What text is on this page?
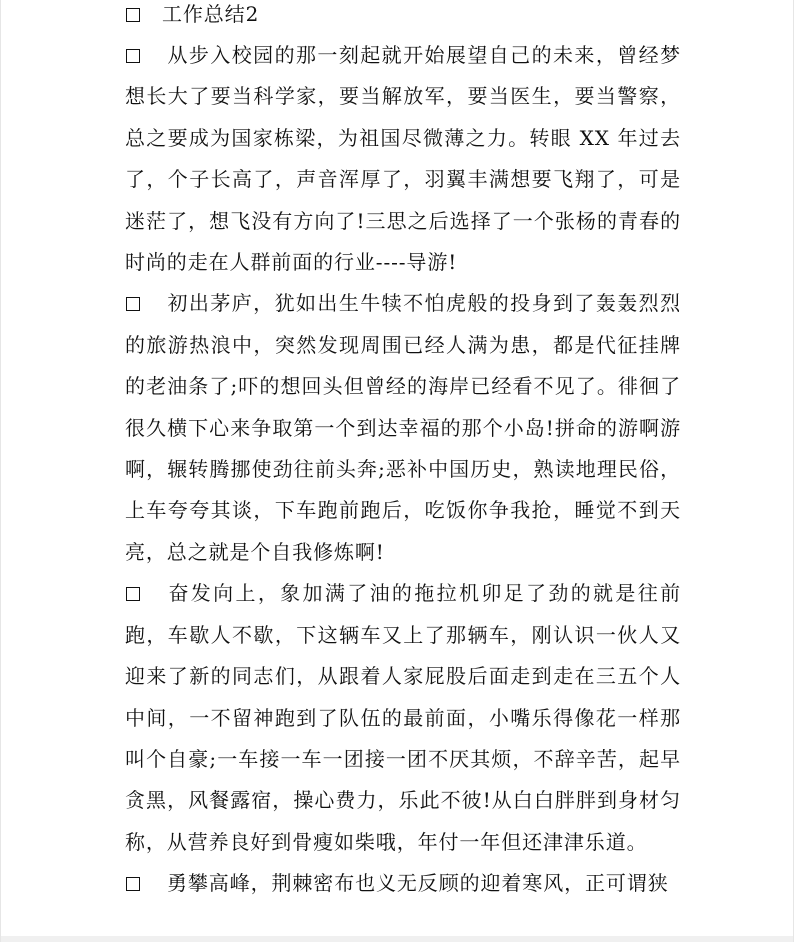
工作总结2

从步入校园的那一刻起就开始展望自己的未来，曾经梦想长大了要当科学家，要当解放军，要当医生，要当警察，总之要成为国家栋梁，为祖国尽微薄之力。转眼 XX 年过去了，个子长高了，声音浑厚了，羽翼丰满想要飞翔了，可是迷茫了，想飞没有方向了!三思之后选择了一个张杨的青春的时尚的走在人群前面的行业----导游!

初出茅庐，犹如出生牛犊不怕虎般的投身到了轰轰烈烈的旅游热浪中，突然发现周围已经人满为患，都是代征挂牌的老油条了;吓的想回头但曾经的海岸已经看不见了。徘徊了很久横下心来争取第一个到达幸福的那个小岛!拼命的游啊游啊，辗转腾挪使劲往前头奔;恶补中国历史，熟读地理民俗，上车夸夸其谈，下车跑前跑后，吃饭你争我抢，睡觉不到天亮，总之就是个自我修炼啊!

奋发向上，象加满了油的拖拉机卯足了劲的就是往前跑，车歇人不歇，下这辆车又上了那辆车，刚认识一伙人又迎来了新的同志们，从跟着人家屁股后面走到走在三五个人中间，一不留神跑到了队伍的最前面，小嘴乐得像花一样那叫个自豪;一车接一车一团接一团不厌其烦，不辞辛苦，起早贪黑，风餐露宿，操心费力，乐此不彼!从白白胖胖到身材匀称，从营养良好到骨瘦如柴哦，年付一年但还津津乐道。

勇攀高峰，荆棘密布也义无反顾的迎着寒风，正可谓狭
